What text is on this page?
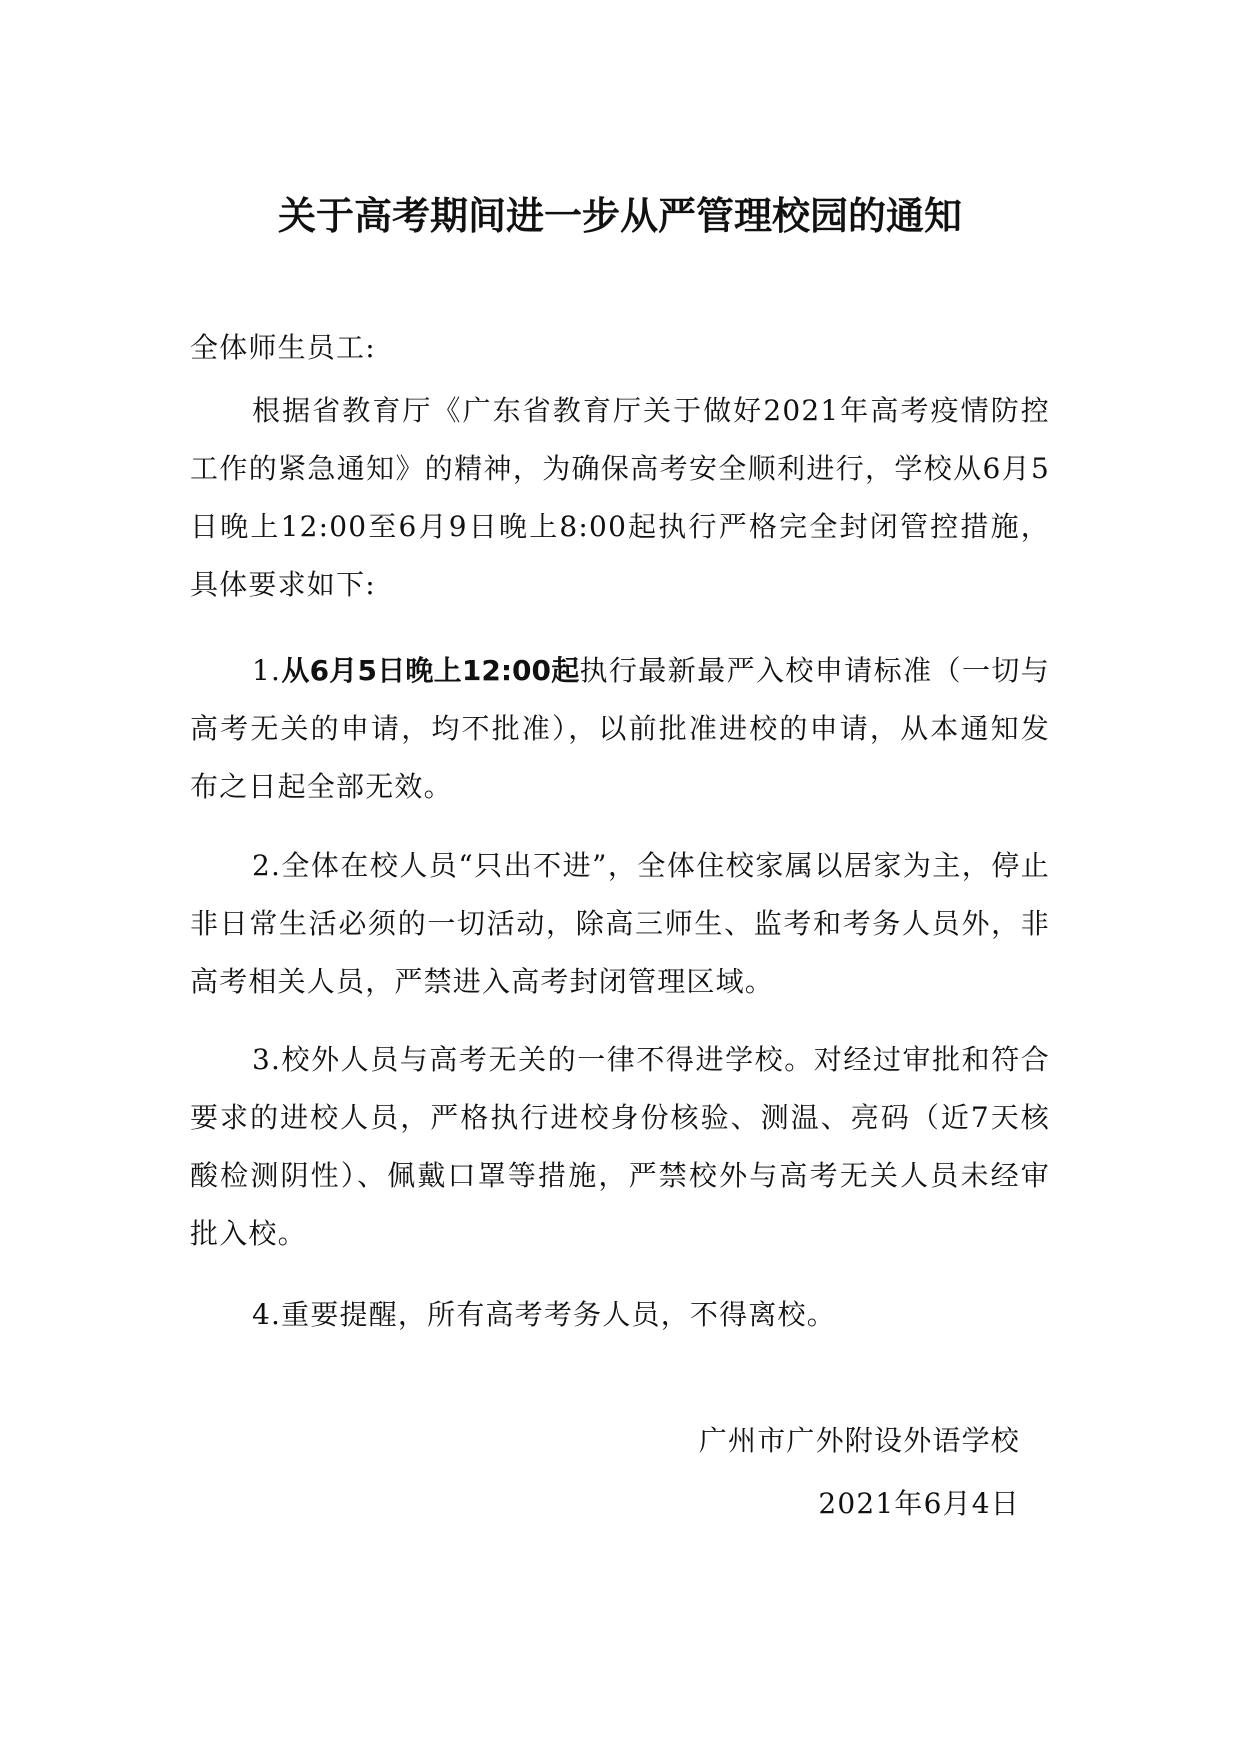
关于高考期间进一步从严管理校园的通知
全体师生员工:

根据省教育厅《广东省教育厅关于做好2021年高考疫情防控工作的紧急通知》的精神，为确保高考安全顺利进行，学校从6月5日晚上12:00至6月9日晚上8:00起执行严格完全封闭管控措施，具体要求如下:

1.从6月5日晚上12:00起执行最新最严入校申请标准（一切与高考无关的申请，均不批准），以前批准进校的申请，从本通知发布之日起全部无效。

2.全体在校人员“只出不进”，全体住校家属以居家为主，停止非日常生活必须的一切活动，除高三师生、监考和考务人员外，非高考相关人员，严禁进入高考封闭管理区域。

3.校外人员与高考无关的一律不得进学校。对经过审批和符合要求的进校人员，严格执行进校身份核验、测温、亮码（近7天核酸检测阴性）、佩戴口罩等措施，严禁校外与高考无关人员未经审批入校。

4.重要提醒，所有高考考务人员，不得离校。

广州市广外附设外语学校
2021年6月4日
